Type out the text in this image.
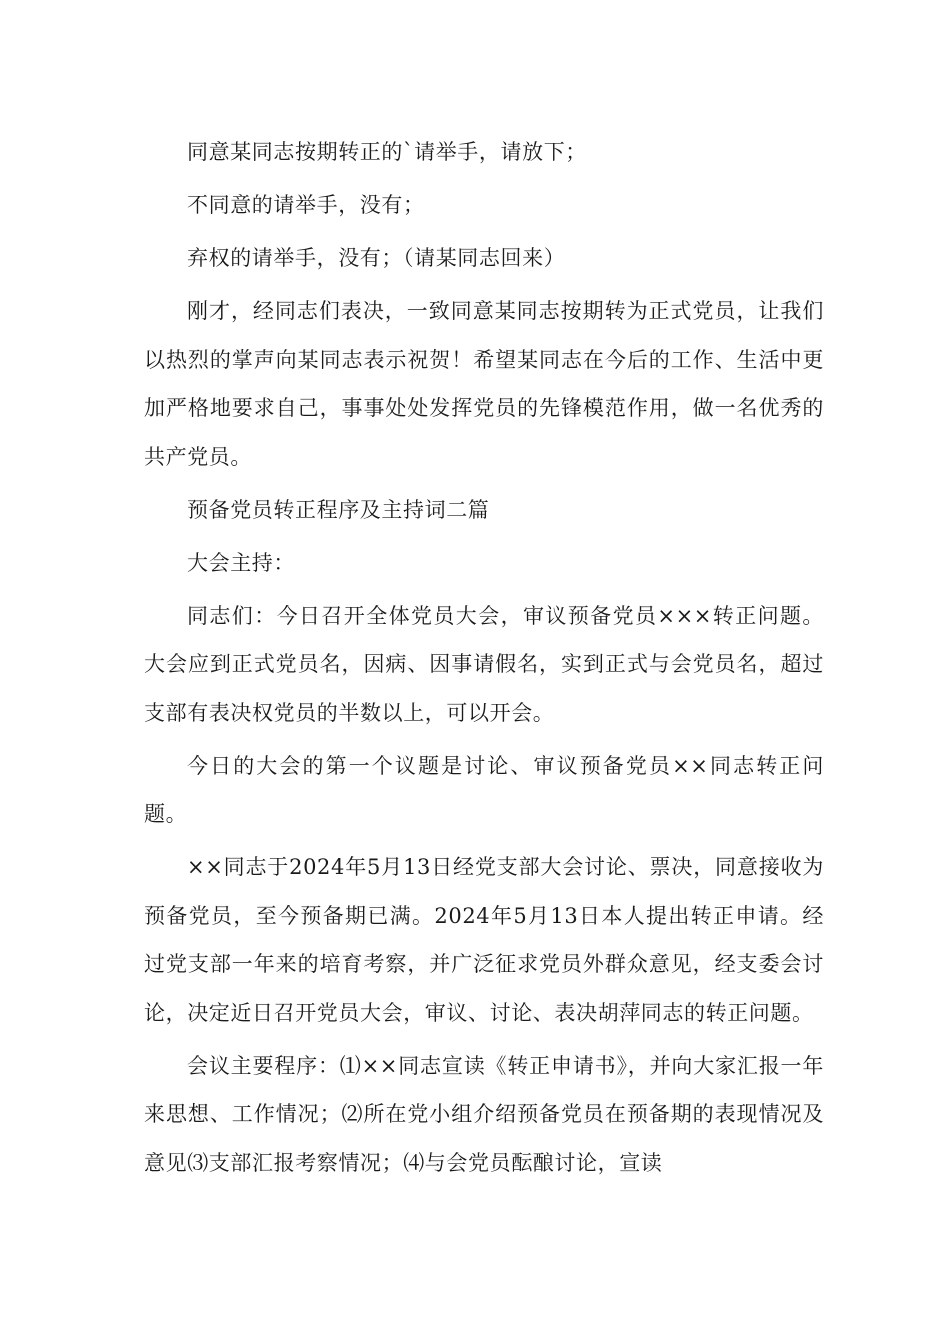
同意某同志按期转正的`请举手，请放下；

不同意的请举手，没有；

弃权的请举手，没有；（请某同志回来）

刚才，经同志们表决，一致同意某同志按期转为正式党员，让我们以热烈的掌声向某同志表示祝贺！希望某同志在今后的工作、生活中更加严格地要求自己，事事处处发挥党员的先锋模范作用，做一名优秀的共产党员。

预备党员转正程序及主持词二篇

大会主持：

同志们：今日召开全体党员大会，审议预备党员×××转正问题。大会应到正式党员名，因病、因事请假名，实到正式与会党员名，超过支部有表决权党员的半数以上，可以开会。

今日的大会的第一个议题是讨论、审议预备党员××同志转正问题。

××同志于2024年5月13日经党支部大会讨论、票决，同意接收为预备党员，至今预备期已满。2024年5月13日本人提出转正申请。经过党支部一年来的培育考察，并广泛征求党员外群众意见，经支委会讨论，决定近日召开党员大会，审议、讨论、表决胡萍同志的转正问题。

会议主要程序：⑴××同志宣读《转正申请书》，并向大家汇报一年来思想、工作情况；⑵所在党小组介绍预备党员在预备期的表现情况及意见⑶支部汇报考察情况；⑷与会党员酝酿讨论，宣读
